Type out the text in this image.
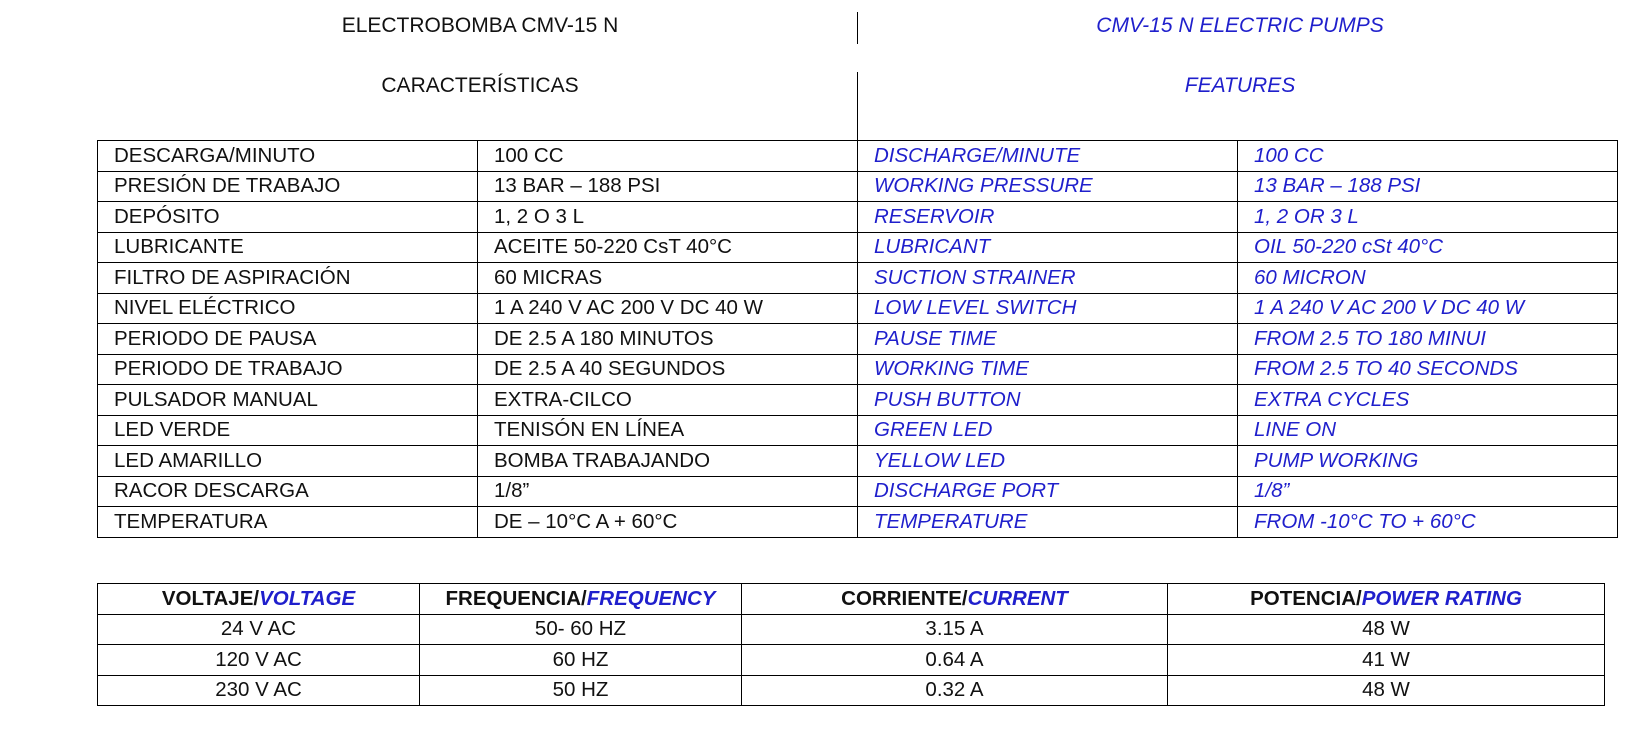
ELECTROBOMBA CMV-15 N	CMV-15 N ELECTRIC PUMPS
CARACTERÍSTICAS	FEATURES
DESCARGA/MINUTO	100 CC	DISCHARGE/MINUTE	100 CC
PRESIÓN DE TRABAJO	13 BAR – 188 PSI	WORKING PRESSURE	13 BAR – 188 PSI
DEPÓSITO	1, 2 O 3 L	RESERVOIR	1, 2 OR 3 L
LUBRICANTE	ACEITE 50-220 CsT 40°C	LUBRICANT	OIL 50-220 cSt 40°C
FILTRO DE ASPIRACIÓN	60 MICRAS	SUCTION STRAINER	60 MICRON
NIVEL ELÉCTRICO	1 A 240 V AC 200 V DC 40 W	LOW LEVEL SWITCH	1 A 240 V AC 200 V DC 40 W
PERIODO DE PAUSA	DE 2.5 A 180 MINUTOS	PAUSE TIME	FROM 2.5 TO 180 MINUI
PERIODO DE TRABAJO	DE 2.5 A 40 SEGUNDOS	WORKING TIME	FROM 2.5 TO 40 SECONDS
PULSADOR MANUAL	EXTRA-CILCO	PUSH BUTTON	EXTRA CYCLES
LED VERDE	TENISÓN EN LÍNEA	GREEN LED	LINE ON
LED AMARILLO	BOMBA TRABAJANDO	YELLOW LED	PUMP WORKING
RACOR DESCARGA	1/8”	DISCHARGE PORT	1/8”
TEMPERATURA	DE – 10°C A + 60°C	TEMPERATURE	FROM -10°C TO + 60°C
VOLTAJE/VOLTAGE	FREQUENCIA/FREQUENCY	CORRIENTE/CURRENT	POTENCIA/POWER RATING
24 V AC	50- 60 HZ	3.15 A	48 W
120 V AC	60 HZ	0.64 A	41 W
230 V AC	50 HZ	0.32 A	48 W
